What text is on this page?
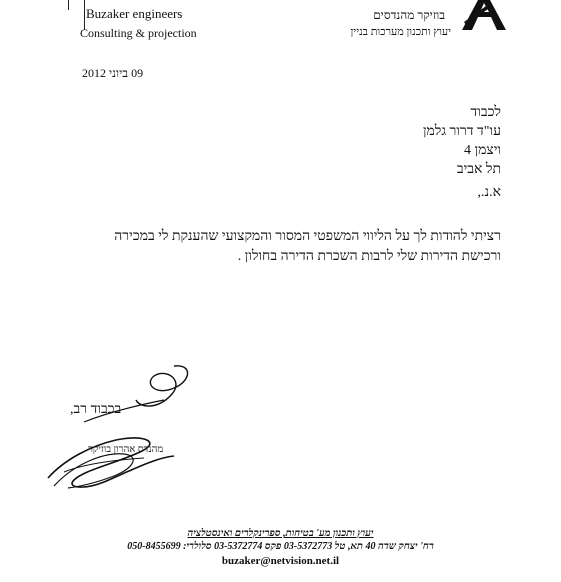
Buzaker engineers
Consulting & projection
בוזיקר מהנדסים
יעוץ ותכנון מערכות בניין
09 ביוני 2012
לכבוד
עו"ד דרור גלמן
ויצמן 4
תל אביב
א.נ.,
רציתי להודות לך על הליווי המשפטי המסור והמקצועי שהענקת לי במכירה
ורכישת הדירות שלי לרבות השכרת הדירה בחולון .
בכבוד רב,
מהנדס אהרון בוזיקר
יעוץ ותכנון מע' בטיחות, ספרינקלרים ואינסטלציה
רח' יצחק שדה 40 תא, טל 03-5372773 פקס 03-5372774 סלולרי: 050-8455699
buzaker@netvision.net.il
